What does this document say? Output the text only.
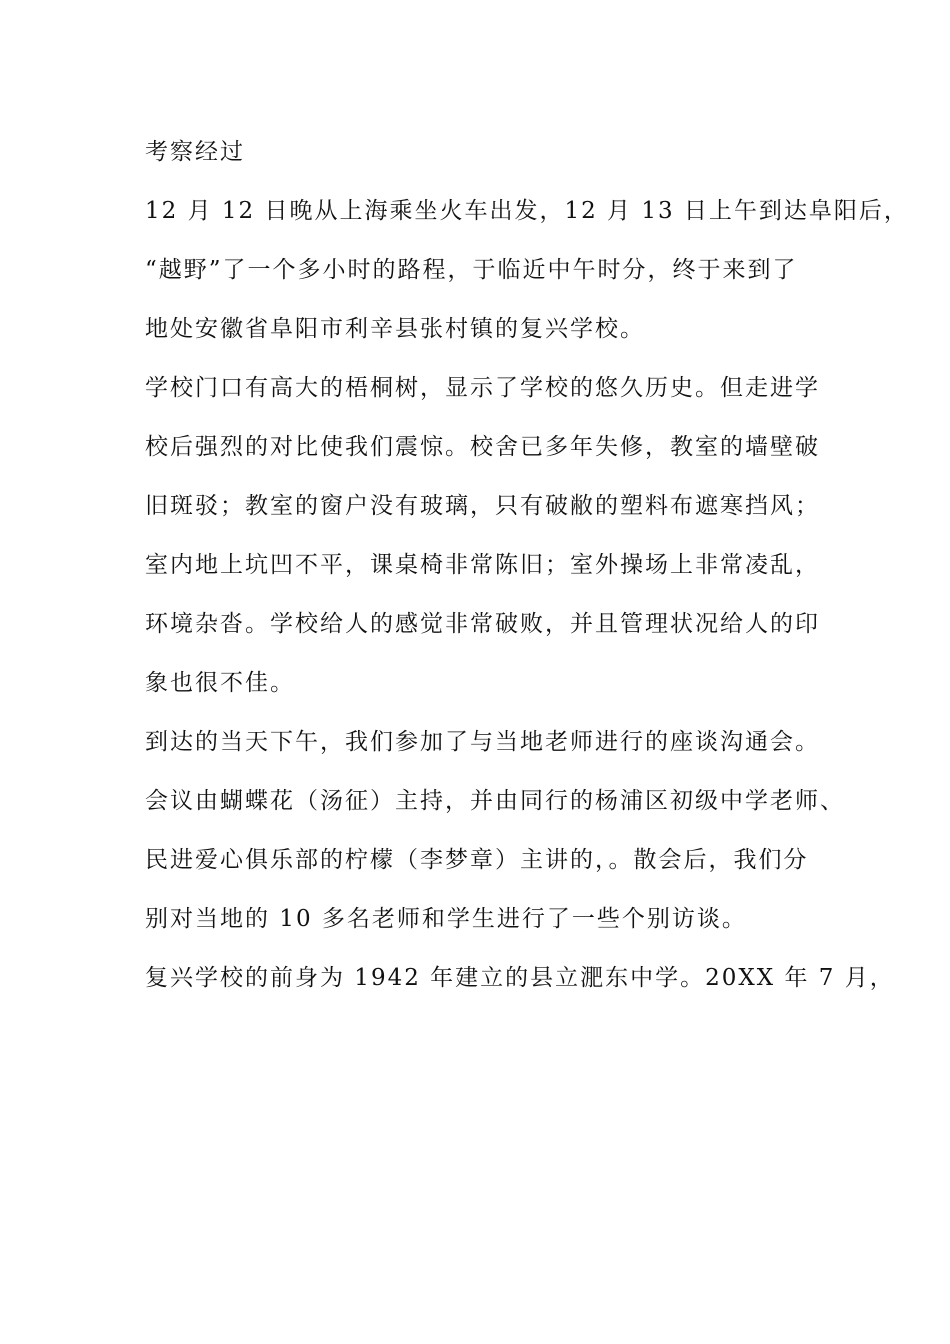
考察经过
12 月 12 日晚从上海乘坐火车出发，12 月 13 日上午到达阜阳后，
“越野”了一个多小时的路程，于临近中午时分，终于来到了
地处安徽省阜阳市利辛县张村镇的复兴学校。
学校门口有高大的梧桐树，显示了学校的悠久历史。但走进学
校后强烈的对比使我们震惊。校舍已多年失修，教室的墙壁破
旧斑驳；教室的窗户没有玻璃，只有破敝的塑料布遮寒挡风；
室内地上坑凹不平，课桌椅非常陈旧；室外操场上非常凌乱，
环境杂沓。学校给人的感觉非常破败，并且管理状况给人的印
象也很不佳。
到达的当天下午，我们参加了与当地老师进行的座谈沟通会。
会议由蝴蝶花（汤征）主持，并由同行的杨浦区初级中学老师、
民进爱心俱乐部的柠檬（李梦章）主讲的，。散会后，我们分
别对当地的 10 多名老师和学生进行了一些个别访谈。
复兴学校的前身为 1942 年建立的县立淝东中学。20XX 年 7 月，
